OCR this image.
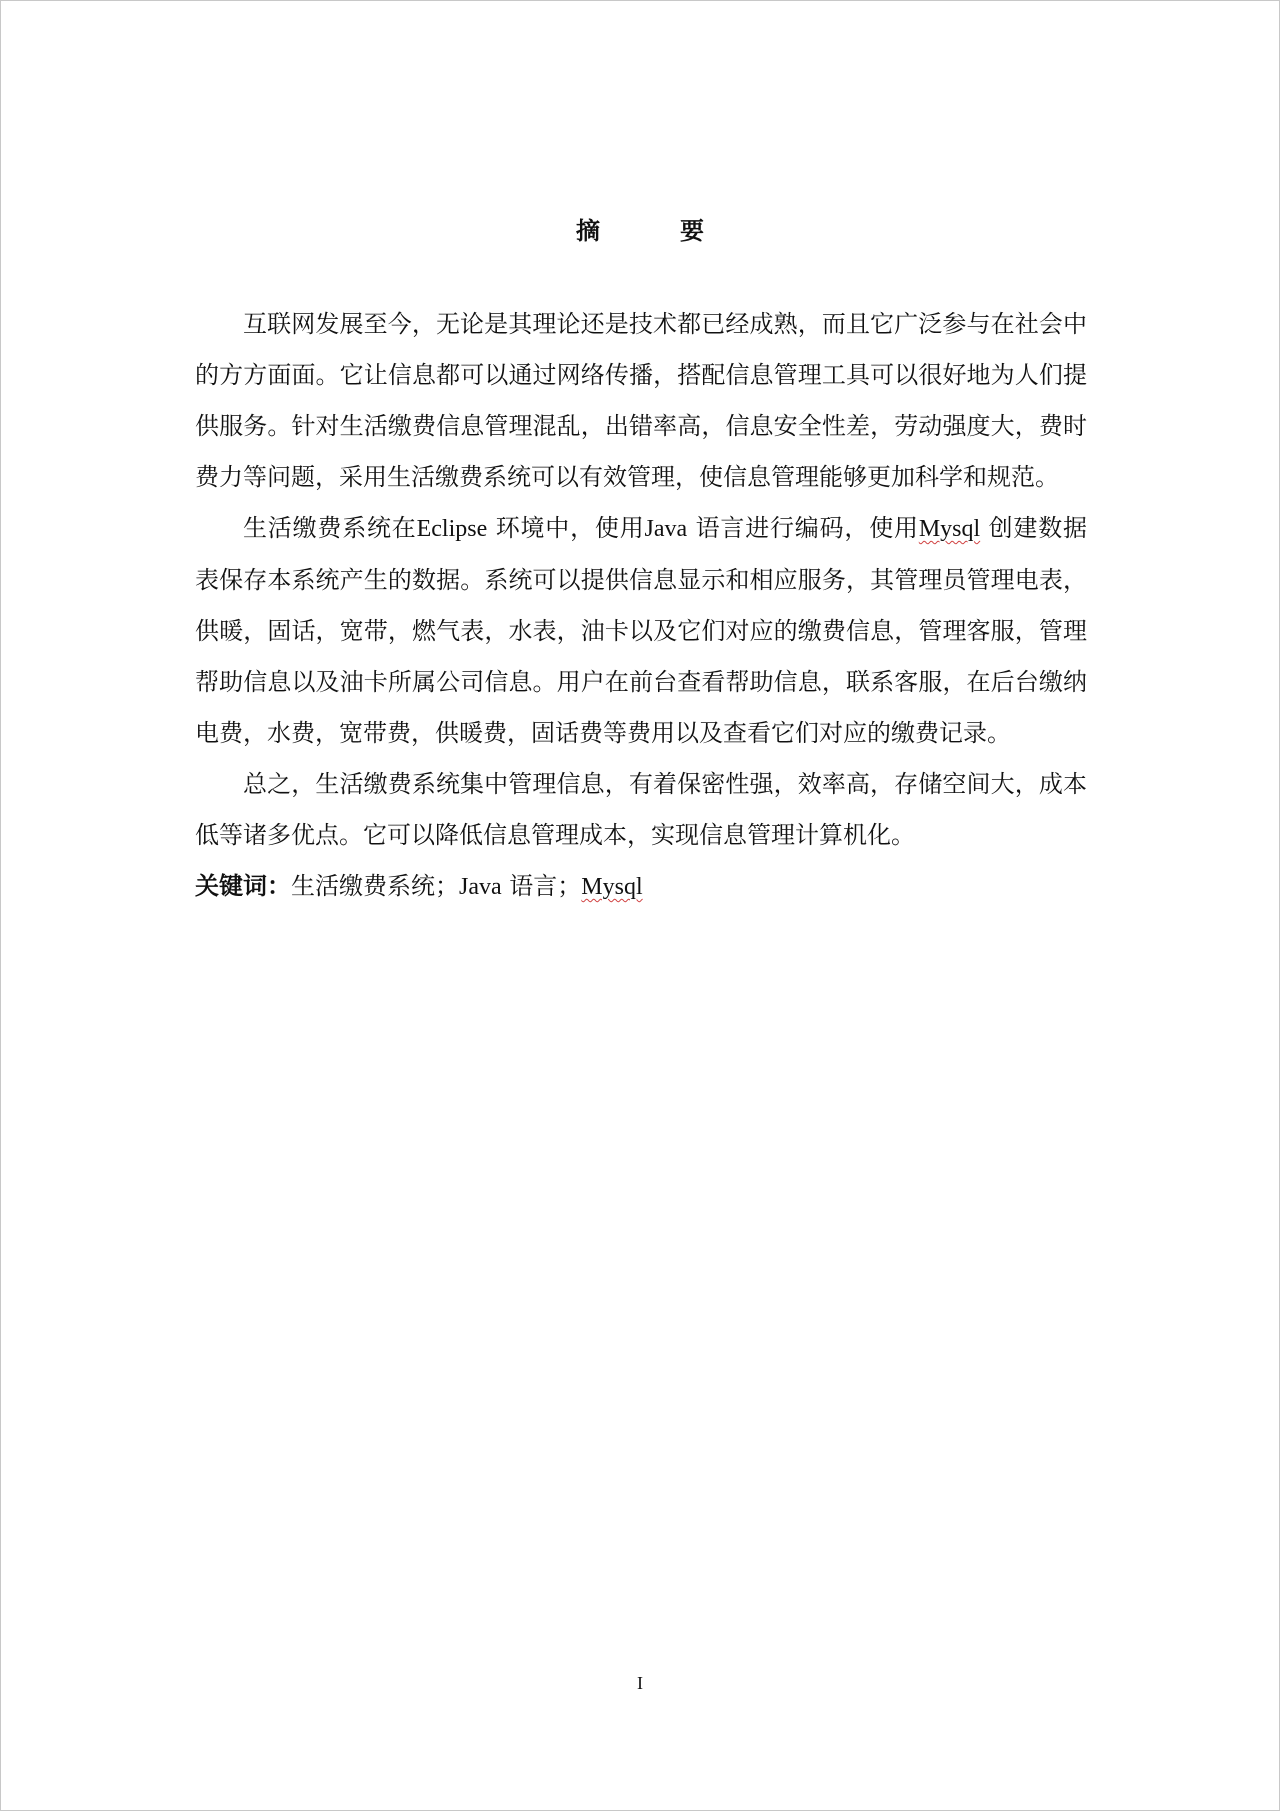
摘　要

互联网发展至今，无论是其理论还是技术都已经成熟，而且它广泛参与在社会中的方方面面。它让信息都可以通过网络传播，搭配信息管理工具可以很好地为人们提供服务。针对生活缴费信息管理混乱，出错率高，信息安全性差，劳动强度大，费时费力等问题，采用生活缴费系统可以有效管理，使信息管理能够更加科学和规范。

生活缴费系统在Eclipse 环境中，使用Java 语言进行编码，使用Mysql 创建数据表保存本系统产生的数据。系统可以提供信息显示和相应服务，其管理员管理电表，供暖，固话，宽带，燃气表，水表，油卡以及它们对应的缴费信息，管理客服，管理帮助信息以及油卡所属公司信息。用户在前台查看帮助信息，联系客服，在后台缴纳电费，水费，宽带费，供暖费，固话费等费用以及查看它们对应的缴费记录。

总之，生活缴费系统集中管理信息，有着保密性强，效率高，存储空间大，成本低等诸多优点。它可以降低信息管理成本，实现信息管理计算机化。

关键词：生活缴费系统；Java 语言；Mysql

I
